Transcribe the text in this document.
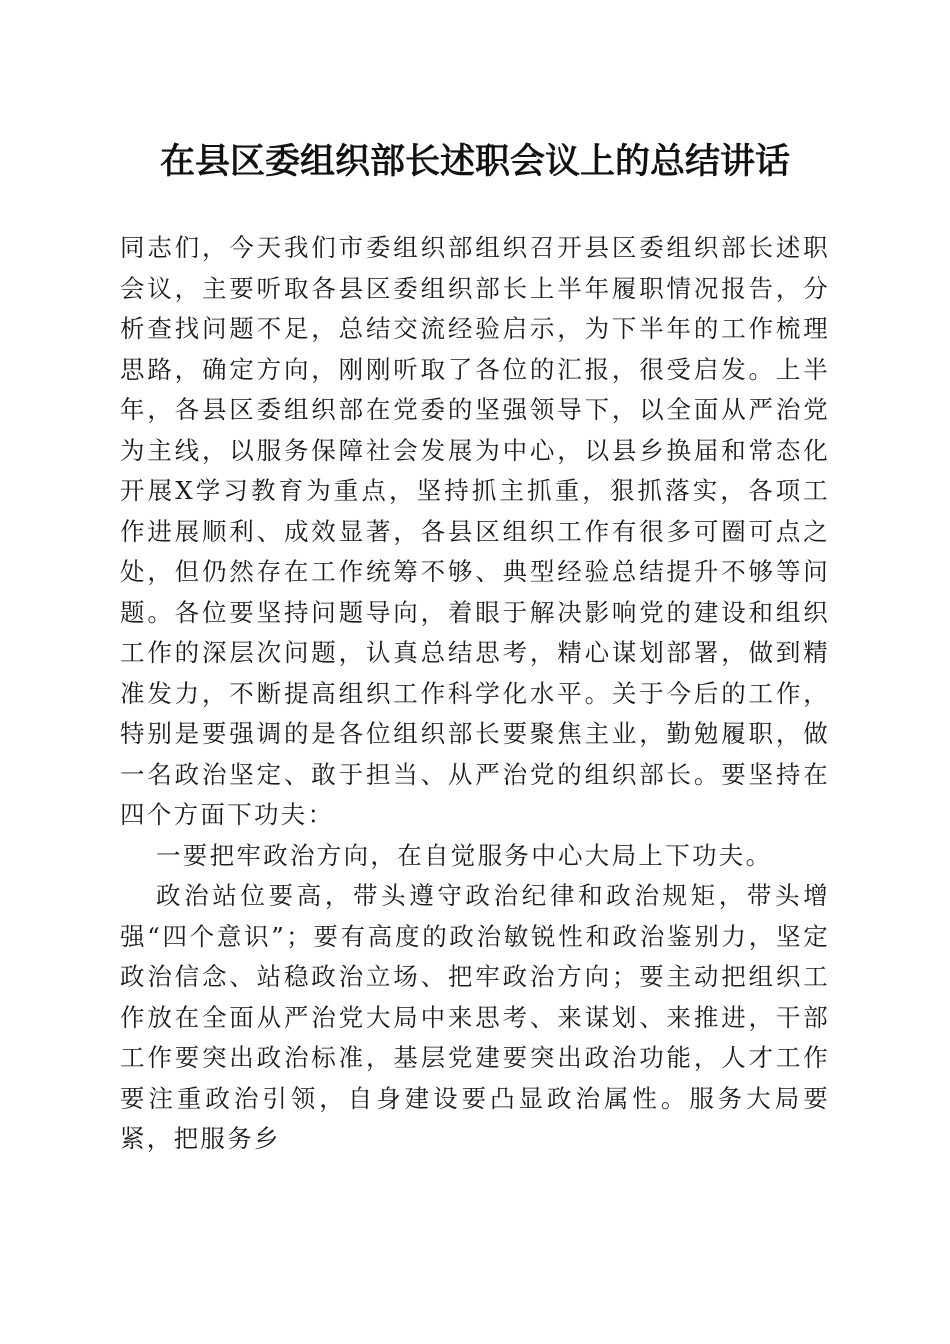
在县区委组织部长述职会议上的总结讲话

同志们，今天我们市委组织部组织召开县区委组织部长述职会议，主要听取各县区委组织部长上半年履职情况报告，分析查找问题不足，总结交流经验启示，为下半年的工作梳理思路，确定方向，刚刚听取了各位的汇报，很受启发。上半年，各县区委组织部在党委的坚强领导下，以全面从严治党为主线，以服务保障社会发展为中心，以县乡换届和常态化开展X学习教育为重点，坚持抓主抓重，狠抓落实，各项工作进展顺利、成效显著，各县区组织工作有很多可圈可点之处，但仍然存在工作统筹不够、典型经验总结提升不够等问题。各位要坚持问题导向，着眼于解决影响党的建设和组织工作的深层次问题，认真总结思考，精心谋划部署，做到精准发力，不断提高组织工作科学化水平。关于今后的工作，特别是要强调的是各位组织部长要聚焦主业，勤勉履职，做一名政治坚定、敢于担当、从严治党的组织部长。要坚持在四个方面下功夫：

一要把牢政治方向，在自觉服务中心大局上下功夫。

政治站位要高，带头遵守政治纪律和政治规矩，带头增强“四个意识”；要有高度的政治敏锐性和政治鉴别力，坚定政治信念、站稳政治立场、把牢政治方向；要主动把组织工作放在全面从严治党大局中来思考、来谋划、来推进，干部工作要突出政治标准，基层党建要突出政治功能，人才工作要注重政治引领，自身建设要凸显政治属性。服务大局要紧，把服务乡
